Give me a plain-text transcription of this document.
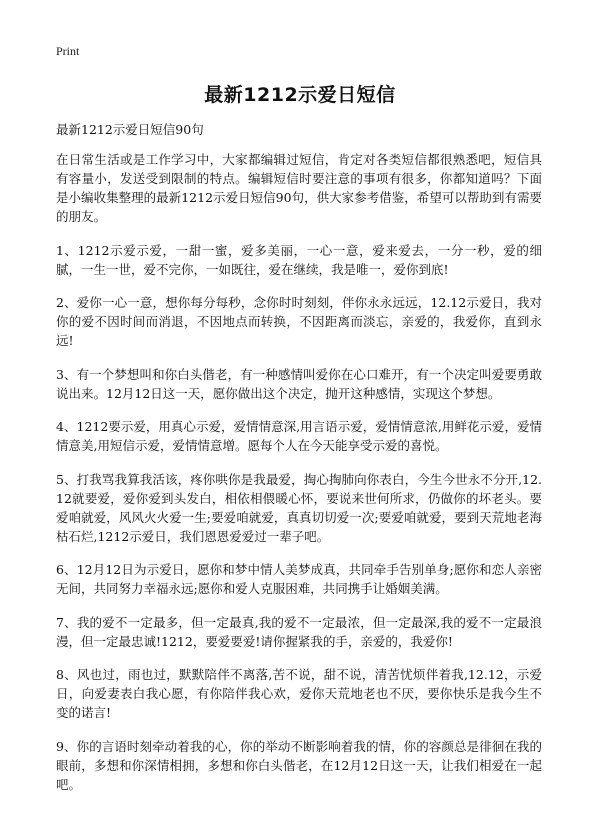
Print
最新1212示爱日短信

最新1212示爱日短信90句

在日常生活或是工作学习中，大家都编辑过短信，肯定对各类短信都很熟悉吧，短信具有容量小，发送受到限制的特点。编辑短信时要注意的事项有很多，你都知道吗？下面是小编收集整理的最新1212示爱日短信90句，供大家参考借鉴，希望可以帮助到有需要的朋友。

1、1212示爱示爱，一甜一蜜，爱多美丽，一心一意，爱来爱去，一分一秒，爱的细腻，一生一世，爱不完你，一如既往，爱在继续，我是唯一，爱你到底!

2、爱你一心一意，想你每分每秒，念你时时刻刻，伴你永永远远，12.12示爱日，我对你的爱不因时间而消退，不因地点而转换，不因距离而淡忘，亲爱的，我爱你，直到永远!

3、有一个梦想叫和你白头偕老，有一种感情叫爱你在心口难开，有一个决定叫爱要勇敢说出来。12月12日这一天，愿你做出这个决定，抛开这种感情，实现这个梦想。

4、1212要示爱，用真心示爱，爱情情意深,用言语示爱，爱情情意浓,用鲜花示爱，爱情情意美,用短信示爱，爱情情意增。愿每个人在今天能享受示爱的喜悦。

5、打我骂我算我活该，疼你哄你是我最爱，掏心掏肺向你表白，今生今世永不分开,12.12就要爱，爱你爱到头发白，相依相偎暖心怀，要说来世何所求，仍做你的坏老头。要爱咱就爱，风风火火爱一生;要爱咱就爱，真真切切爱一次;要爱咱就爱，要到天荒地老海枯石烂,1212示爱日，我们恩恩爱爱过一辈子吧。

6、12月12日为示爱日，愿你和梦中情人美梦成真，共同牵手告别单身;愿你和恋人亲密无间，共同努力幸福永远;愿你和爱人克服困难，共同携手让婚姻美满。

7、我的爱不一定最多，但一定最真,我的爱不一定最浓，但一定最深,我的爱不一定最浪漫，但一定最忠诚!1212，要爱要爱!请你握紧我的手，亲爱的，我爱你!

8、风也过，雨也过，默默陪伴不离落,苦不说，甜不说，清苦忧烦伴着我,12.12，示爱日，向爱妻表白我心愿，有你陪伴我心欢，爱你天荒地老也不厌，要你快乐是我今生不变的诺言!

9、你的言语时刻牵动着我的心，你的举动不断影响着我的情，你的容颜总是徘徊在我的眼前，多想和你深情相拥，多想和你白头偕老，在12月12日这一天，让我们相爱在一起吧。
